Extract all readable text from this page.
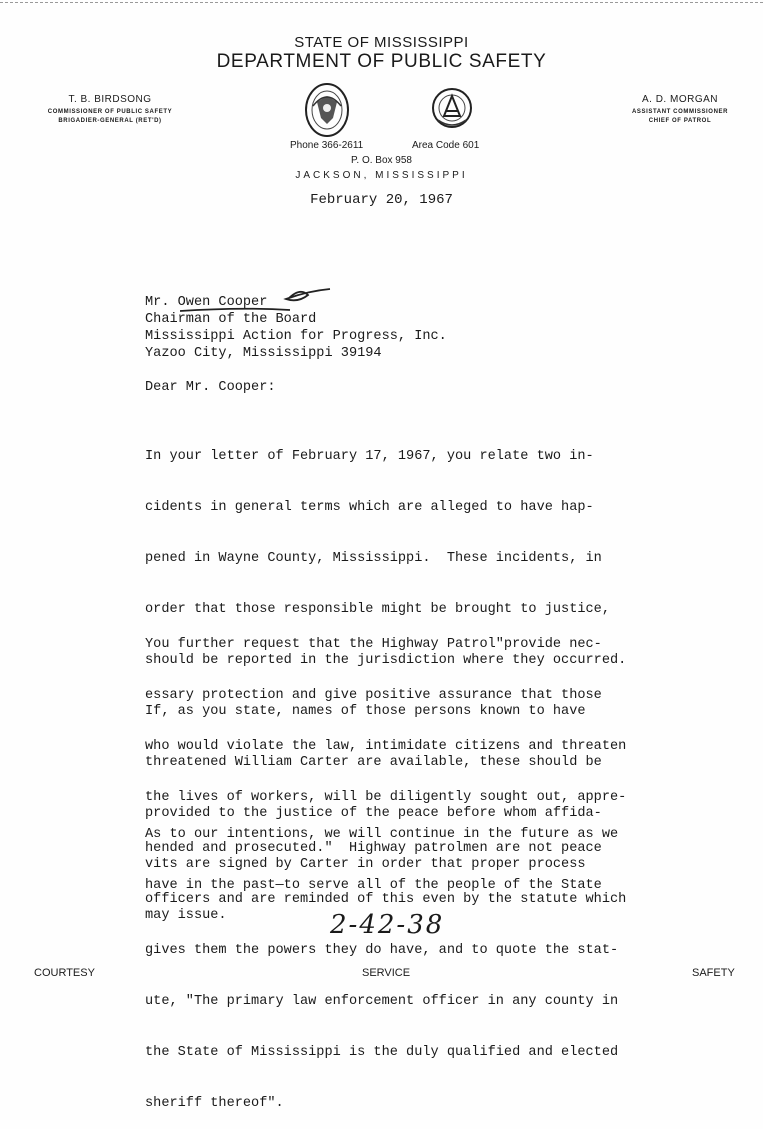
STATE OF MISSISSIPPI
DEPARTMENT OF PUBLIC SAFETY
T. B. BIRDSONG
COMMISSIONER OF PUBLIC SAFETY
BRIGADIER-GENERAL (RET'D)
A. D. MORGAN
ASSISTANT COMMISSIONER
CHIEF OF PATROL
Phone 366-2611	Area Code 601
P. O. Box 958
JACKSON, MISSISSIPPI
February 20, 1967
Mr. Owen Cooper
Chairman of the Board
Mississippi Action for Progress, Inc.
Yazoo City, Mississippi 39194
Dear Mr. Cooper:

In your letter of February 17, 1967, you relate two in-

cidents in general terms which are alleged to have hap-

pened in Wayne County, Mississippi.  These incidents, in

order that those responsible might be brought to justice,

should be reported in the jurisdiction where they occurred.

If, as you state, names of those persons known to have

threatened William Carter are available, these should be

provided to the justice of the peace before whom affida-

vits are signed by Carter in order that proper process

may issue.

You further request that the Highway Patrol"provide nec-

essary protection and give positive assurance that those

who would violate the law, intimidate citizens and threaten

the lives of workers, will be diligently sought out, appre-

hended and prosecuted."  Highway patrolmen are not peace

officers and are reminded of this even by the statute which

gives them the powers they do have, and to quote the stat-

ute, "The primary law enforcement officer in any county in

the State of Mississippi is the duly qualified and elected

sheriff thereof".

As to our intentions, we will continue in the future as we

have in the past—to serve all of the people of the State

2-42-38
COURTESY	SERVICE	SAFETY
